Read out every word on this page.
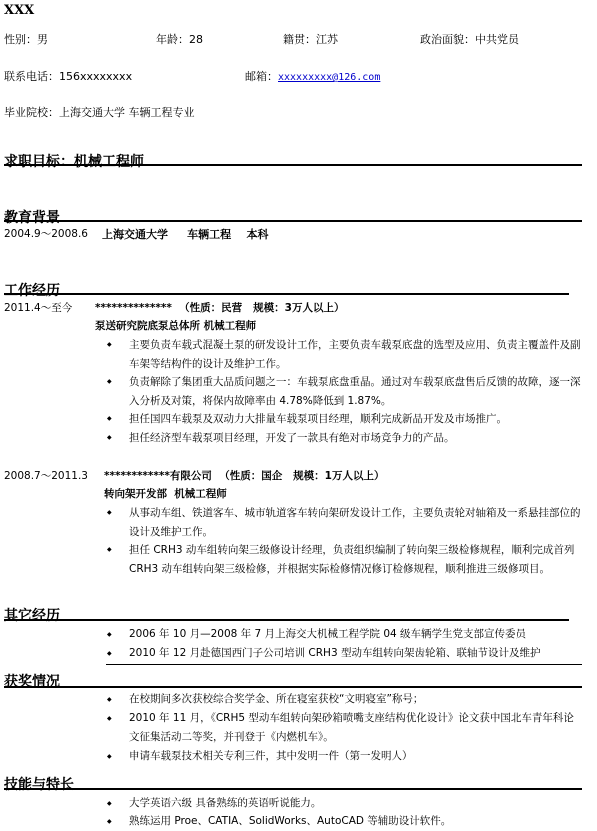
XXX
性别：男	年龄：28	籍贯：江苏	政治面貌：中共党员
联系电话：156xxxxxxxx	邮箱：xxxxxxxxx@126.com
毕业院校：上海交通大学 车辆工程专业
求职目标：机械工程师
教育背景
2004.9～2008.6 上海交通大学     车辆工程    本科
工作经历
2011.4～至今 **************  （性质：民营   规模：3万人以上）
泵送研究院底泵总体所 机械工程师
◆ 主要负责车载式混凝土泵的研发设计工作，主要负责车载泵底盘的选型及应用、负责主覆盖件及副车架等结构件的设计及维护工作。
◆ 负责解除了集团重大品质问题之一：车载泵底盘重晶。通过对车载泵底盘售后反馈的故障，逐一深入分析及对策，将保内故障率由 4.78%降低到 1.87%。
◆ 担任国四车载泵及双动力大排量车载泵项目经理，顺利完成新品开发及市场推广。
◆ 担任经济型车载泵项目经理，开发了一款具有绝对市场竞争力的产品。
2008.7～2011.3 ************有限公司  （性质：国企   规模：1万人以上）
转向架开发部  机械工程师
◆ 从事动车组、铁道客车、城市轨道客车转向架研发设计工作，主要负责轮对轴箱及一系悬挂部位的设计及维护工作。
◆ 担任 CRH3 动车组转向架三级修设计经理，负责组织编制了转向架三级检修规程，顺利完成首列 CRH3 动车组转向架三级检修，并根据实际检修情况修订检修规程，顺利推进三级修项目。
其它经历
◆ 2006 年 10 月—2008 年 7 月上海交大机械工程学院 04 级车辆学生党支部宣传委员
◆ 2010 年 12 月赴德国西门子公司培训 CRH3 型动车组转向架齿轮箱、联轴节设计及维护
获奖情况
◆ 在校期间多次获校综合奖学金、所在寝室获校“文明寝室”称号；
◆ 2010 年 11 月，《CRH5 型动车组转向架砂箱喷嘴支座结构优化设计》论文获中国北车青年科论文征集活动二等奖，并刊登于《内燃机车》。
◆ 申请车载泵技术相关专利三件，其中发明一件（第一发明人）
技能与特长
◆ 大学英语六级 具备熟练的英语听说能力。
◆ 熟练运用 Proe、CATIA、SolidWorks、AutoCAD 等辅助设计软件。
